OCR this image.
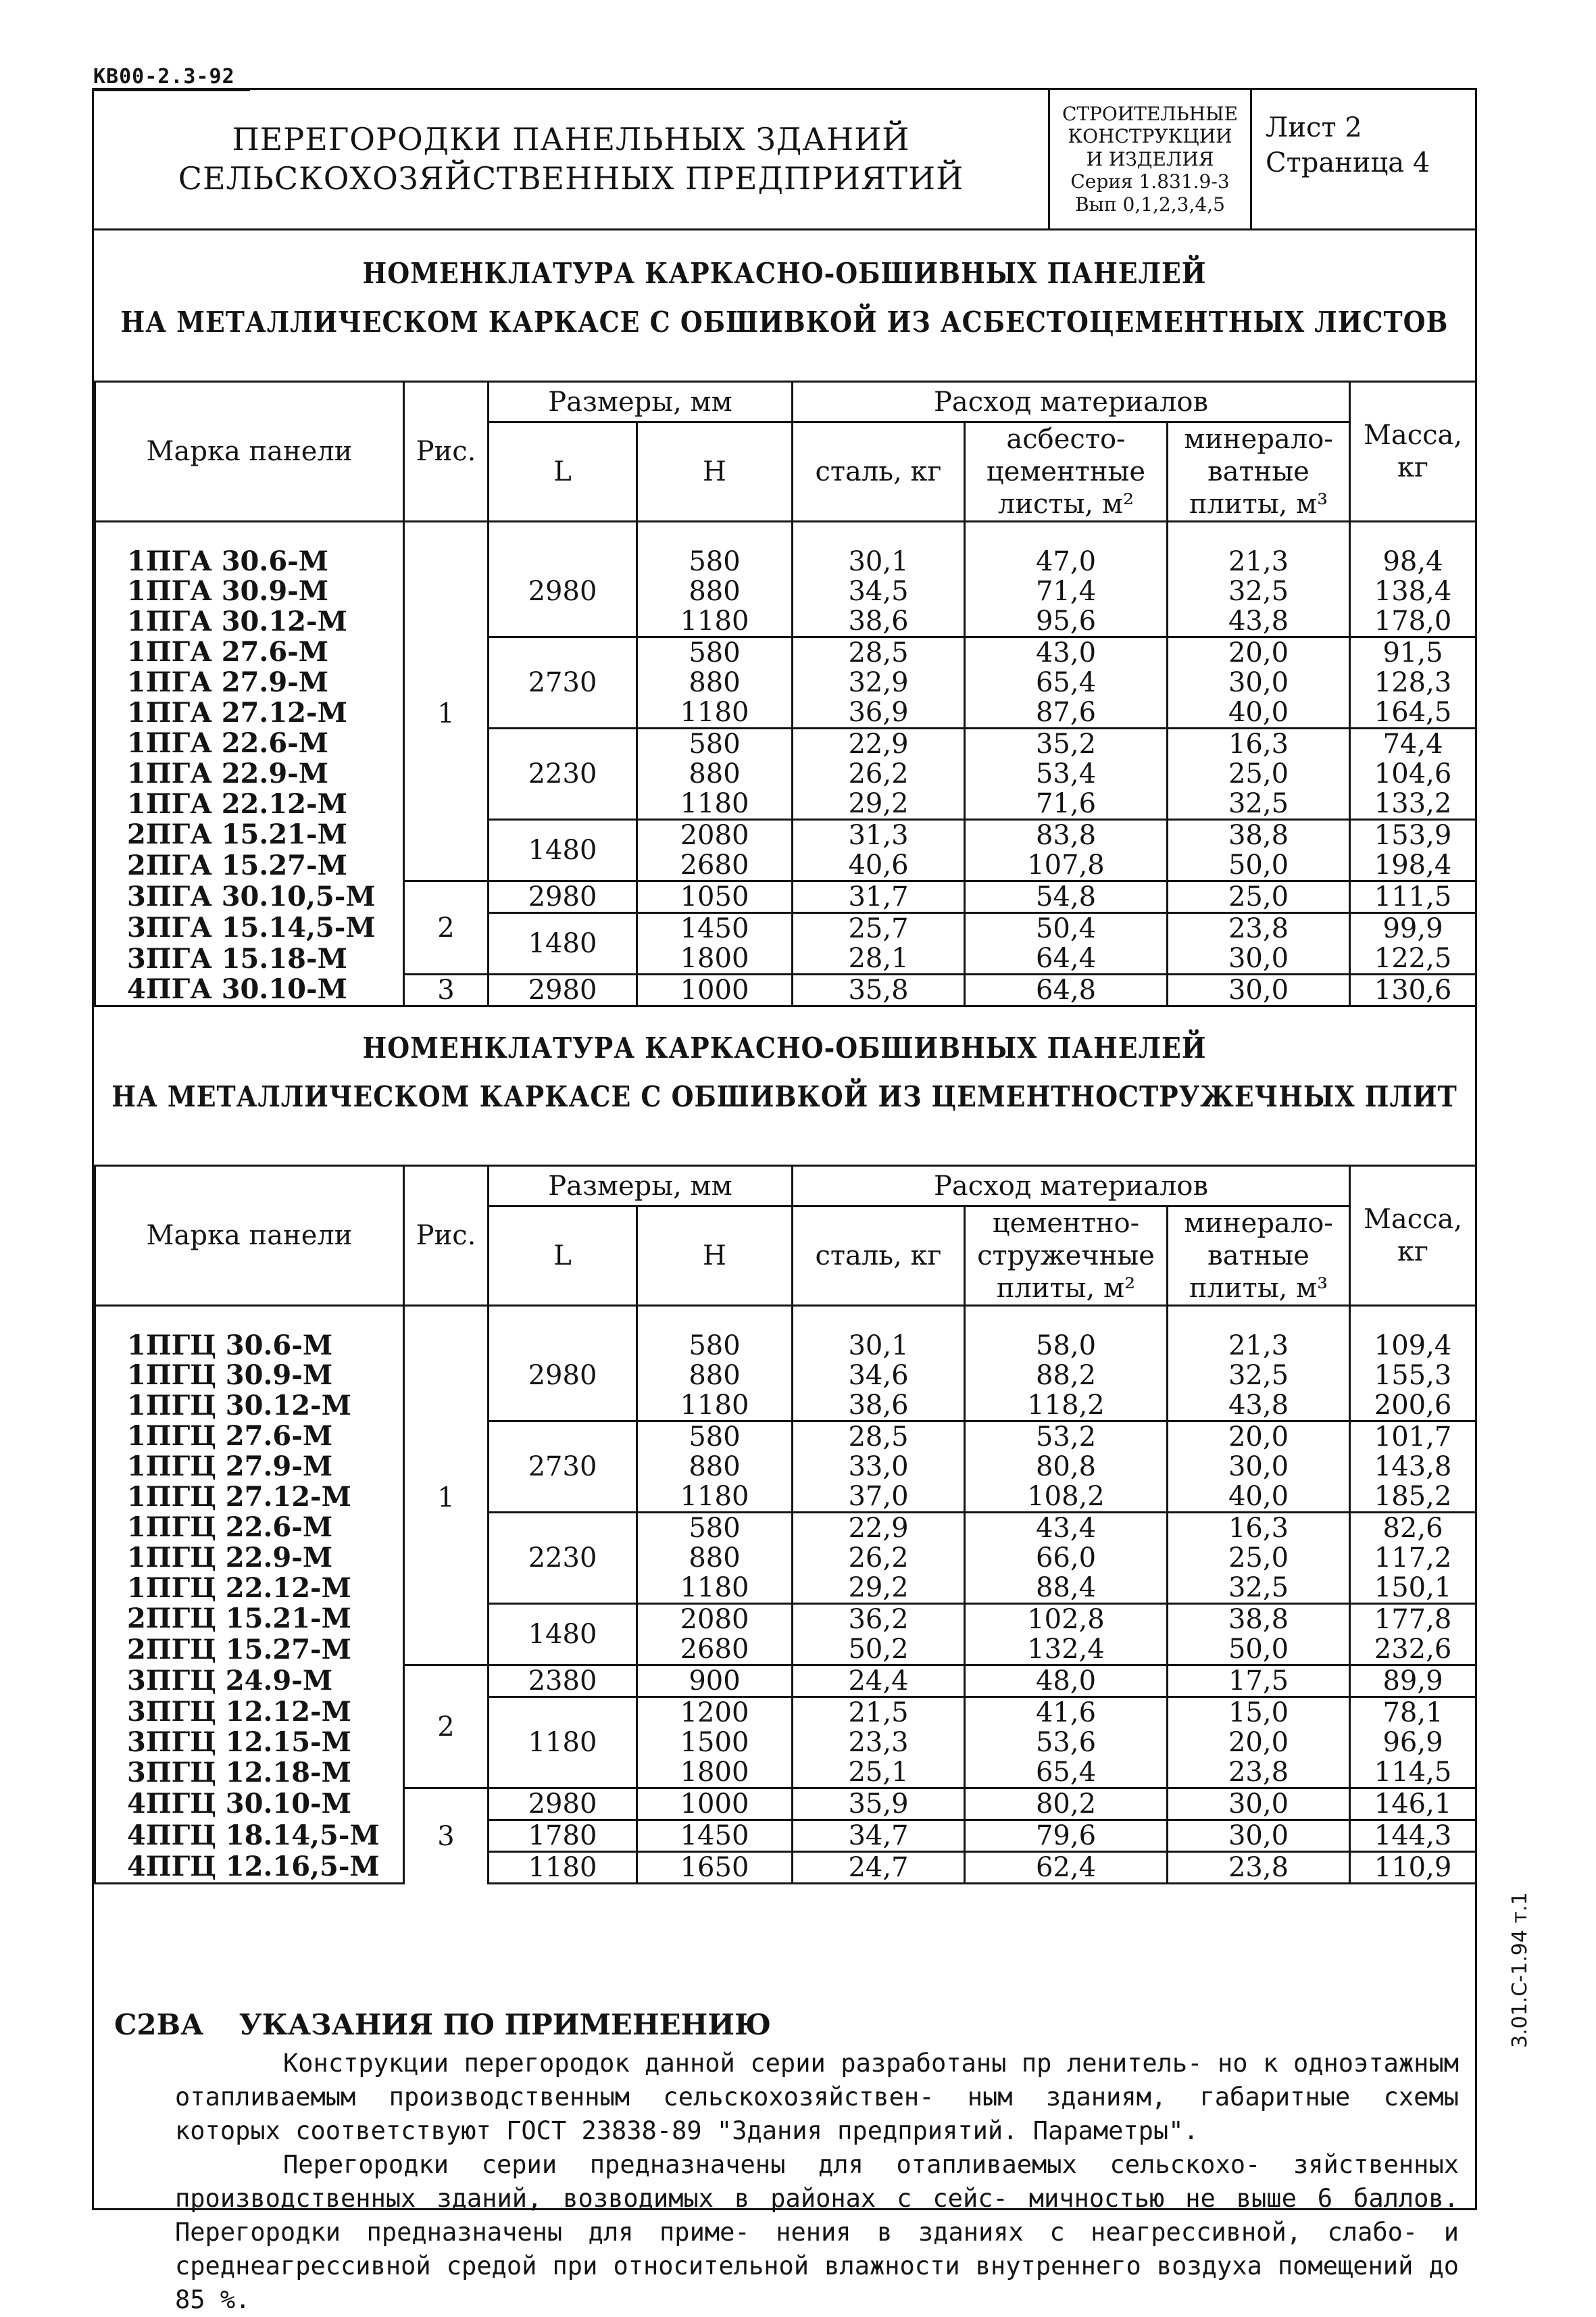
КВ00-2.3-92
ПЕРЕГОРОДКИ ПАНЕЛЬНЫХ ЗДАНИЙ
СЕЛЬСКОХОЗЯЙСТВЕННЫХ ПРЕДПРИЯТИЙ
СТРОИТЕЛЬНЫЕ
КОНСТРУКЦИИ
И ИЗДЕЛИЯ
Серия 1.831.9-3
Вып 0,1,2,3,4,5
Лист 2
Страница 4
НОМЕНКЛАТУРА КАРКАСНО-ОБШИВНЫХ ПАНЕЛЕЙ
НА МЕТАЛЛИЧЕСКОМ КАРКАСЕ С ОБШИВКОЙ ИЗ АСБЕСТОЦЕМЕНТНЫХ ЛИСТОВ
Марка панели	Рис.	Размеры, мм		Расход материалов			Масса, кг
		L	H	сталь, кг	асбесто-цементные листы, м²	минерало-ватные плиты, м³	
1ПГА 30.6-М	1	2980	580	30,1	47,0	21,3	98,4
1ПГА 30.9-М			880	34,5	71,4	32,5	138,4
1ПГА 30.12-М			1180	38,6	95,6	43,8	178,0
1ПГА 27.6-М		2730	580	28,5	43,0	20,0	91,5
1ПГА 27.9-М			880	32,9	65,4	30,0	128,3
1ПГА 27.12-М			1180	36,9	87,6	40,0	164,5
1ПГА 22.6-М		2230	580	22,9	35,2	16,3	74,4
1ПГА 22.9-М			880	26,2	53,4	25,0	104,6
1ПГА 22.12-М			1180	29,2	71,6	32,5	133,2
2ПГА 15.21-М		1480	2080	31,3	83,8	38,8	153,9
2ПГА 15.27-М			2680	40,6	107,8	50,0	198,4
3ПГА 30.10,5-М	2	2980	1050	31,7	54,8	25,0	111,5
3ПГА 15.14,5-М		1480	1450	25,7	50,4	23,8	99,9
3ПГА 15.18-М			1800	28,1	64,4	30,0	122,5
4ПГА 30.10-М	3	2980	1000	35,8	64,8	30,0	130,6
НОМЕНКЛАТУРА КАРКАСНО-ОБШИВНЫХ ПАНЕЛЕЙ
НА МЕТАЛЛИЧЕСКОМ КАРКАСЕ С ОБШИВКОЙ ИЗ ЦЕМЕНТНОСТРУЖЕЧНЫХ ПЛИТ
Марка панели	Рис.	Размеры, мм		Расход материалов			Масса, кг
		L	H	сталь, кг	цементно-стружечные плиты, м²	минерало-ватные плиты, м³	
1ПГЦ 30.6-М	1	2980	580	30,1	58,0	21,3	109,4
1ПГЦ 30.9-М			880	34,6	88,2	32,5	155,3
1ПГЦ 30.12-М			1180	38,6	118,2	43,8	200,6
1ПГЦ 27.6-М		2730	580	28,5	53,2	20,0	101,7
1ПГЦ 27.9-М			880	33,0	80,8	30,0	143,8
1ПГЦ 27.12-М			1180	37,0	108,2	40,0	185,2
1ПГЦ 22.6-М		2230	580	22,9	43,4	16,3	82,6
1ПГЦ 22.9-М			880	26,2	66,0	25,0	117,2
1ПГЦ 22.12-М			1180	29,2	88,4	32,5	150,1
2ПГЦ 15.21-М		1480	2080	36,2	102,8	38,8	177,8
2ПГЦ 15.27-М			2680	50,2	132,4	50,0	232,6
3ПГЦ 24.9-М	2	2380	900	24,4	48,0	17,5	89,9
3ПГЦ 12.12-М		1180	1200	21,5	41,6	15,0	78,1
3ПГЦ 12.15-М			1500	23,3	53,6	20,0	96,9
3ПГЦ 12.18-М			1800	25,1	65,4	23,8	114,5
4ПГЦ 30.10-М	3	2980	1000	35,9	80,2	30,0	146,1
4ПГЦ 18.14,5-М		1780	1450	34,7	79,6	30,0	144,3
4ПГЦ 12.16,5-М		1180	1650	24,7	62,4	23,8	110,9
С2ВА УКАЗАНИЯ ПО ПРИМЕНЕНИЮ
Конструкции перегородок данной серии разработаны пр ленитель- но к одноэтажным отапливаемым производственным сельскохозяйствен- ным зданиям, габаритные схемы которых соответствуют ГОСТ 23838-89 "Здания предприятий. Параметры".
Перегородки серии предназначены для отапливаемых сельскохо- зяйственных производственных зданий, возводимых в районах с сейс- мичностью не выше 6 баллов. Перегородки предназначены для приме- нения в зданиях с неагрессивной, слабо- и среднеагрессивной средой при относительной влажности внутреннего воздуха помещений до 85 %.
3.01.С-1.94 т.1
